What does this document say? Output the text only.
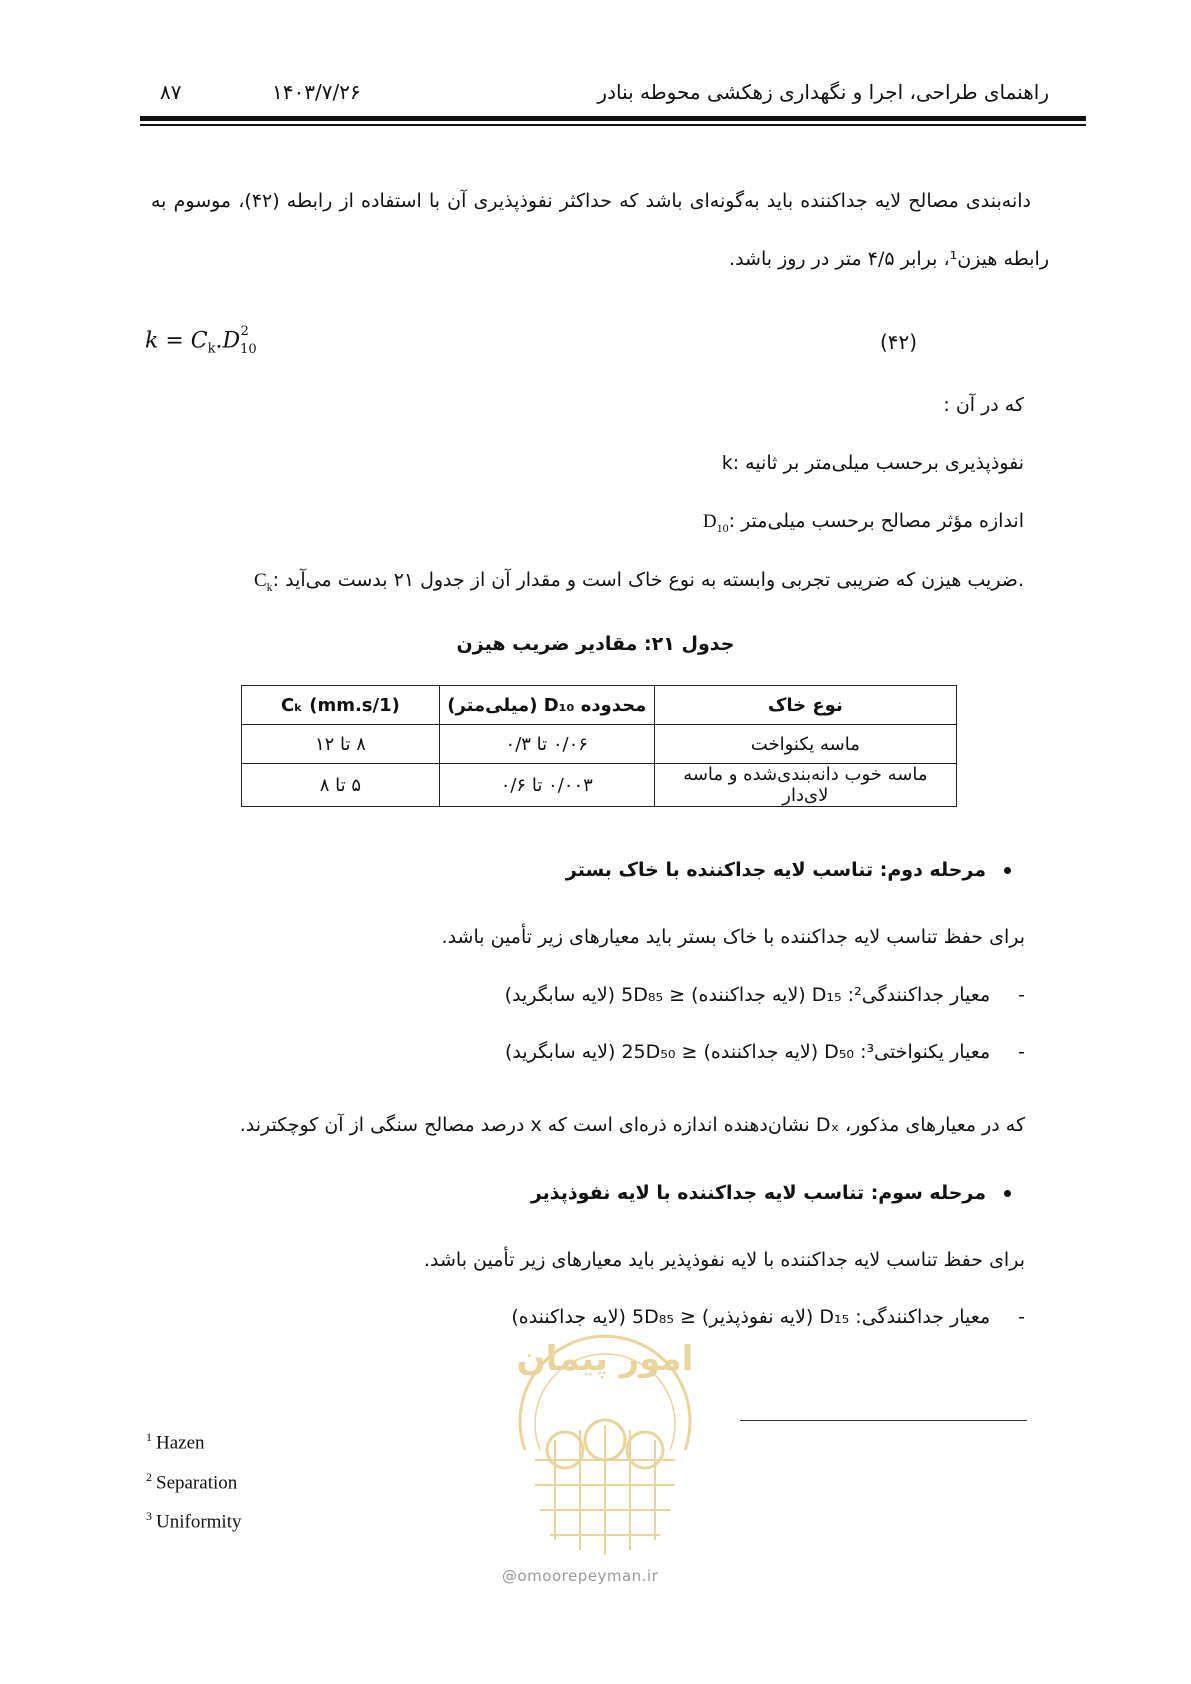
راهنمای طراحی، اجرا و نگهداری زهکشی محوطه بنادر
۱۴۰۳/۷/۲۶
۸۷
دانه‌بندی مصالح لایه جداکننده باید به‌گونه‌ای باشد که حداکثر نفوذپذیری آن با استفاده از رابطه (۴۲)، موسوم به
رابطه هیزن¹، برابر ۴/۵ متر در روز باشد.
$k = C_k.D_{10}^2$	(۴۲)
که در آن :
k: نفوذپذیری برحسب میلی‌متر بر ثانیه
$D_{10}$: اندازه مؤثر مصالح برحسب میلی‌متر
$C_k$: ضریب هیزن که ضریبی تجربی وابسته به نوع خاک است و مقدار آن از جدول ۲۱ بدست می‌آید.
جدول ۲۱: مقادیر ضریب هیزن
نوع خاک	محدوده D₁₀ (میلی‌متر)	(1/mm.s) Cₖ
ماسه یکنواخت	۰/۰۶ تا ۰/۳	۸ تا ۱۲
ماسه خوب دانه‌بندی‌شده و ماسه لای‌دار	۰/۰۰۳ تا ۰/۶	۵ تا ۸
مرحله دوم: تناسب لایه جداکننده با خاک بستر
برای حفظ تناسب لایه جداکننده با خاک بستر باید معیارهای زیر تأمین باشد.
-معیار جداکنندگی²: D₁₅ (لایه جداکننده) ≤ 5D₈₅ (لایه سابگرید)
-معیار یکنواختی³: D₅₀ (لایه جداکننده) ≤ 25D₅₀ (لایه سابگرید)
که در معیارهای مذکور، Dₓ نشان‌دهنده اندازه ذره‌ای است که x درصد مصالح سنگی از آن کوچکترند.
مرحله سوم: تناسب لایه جداکننده با لایه نفوذپذیر
برای حفظ تناسب لایه جداکننده با لایه نفوذپذیر باید معیارهای زیر تأمین باشد.
-معیار جداکنندگی: D₁₅ (لایه نفوذپذیر) ≤ 5D₈₅ (لایه جداکننده)
$^1$ Hazen
$^2$ Separation
$^3$ Uniformity
امور پیمان
@omoorepeyman.ir
